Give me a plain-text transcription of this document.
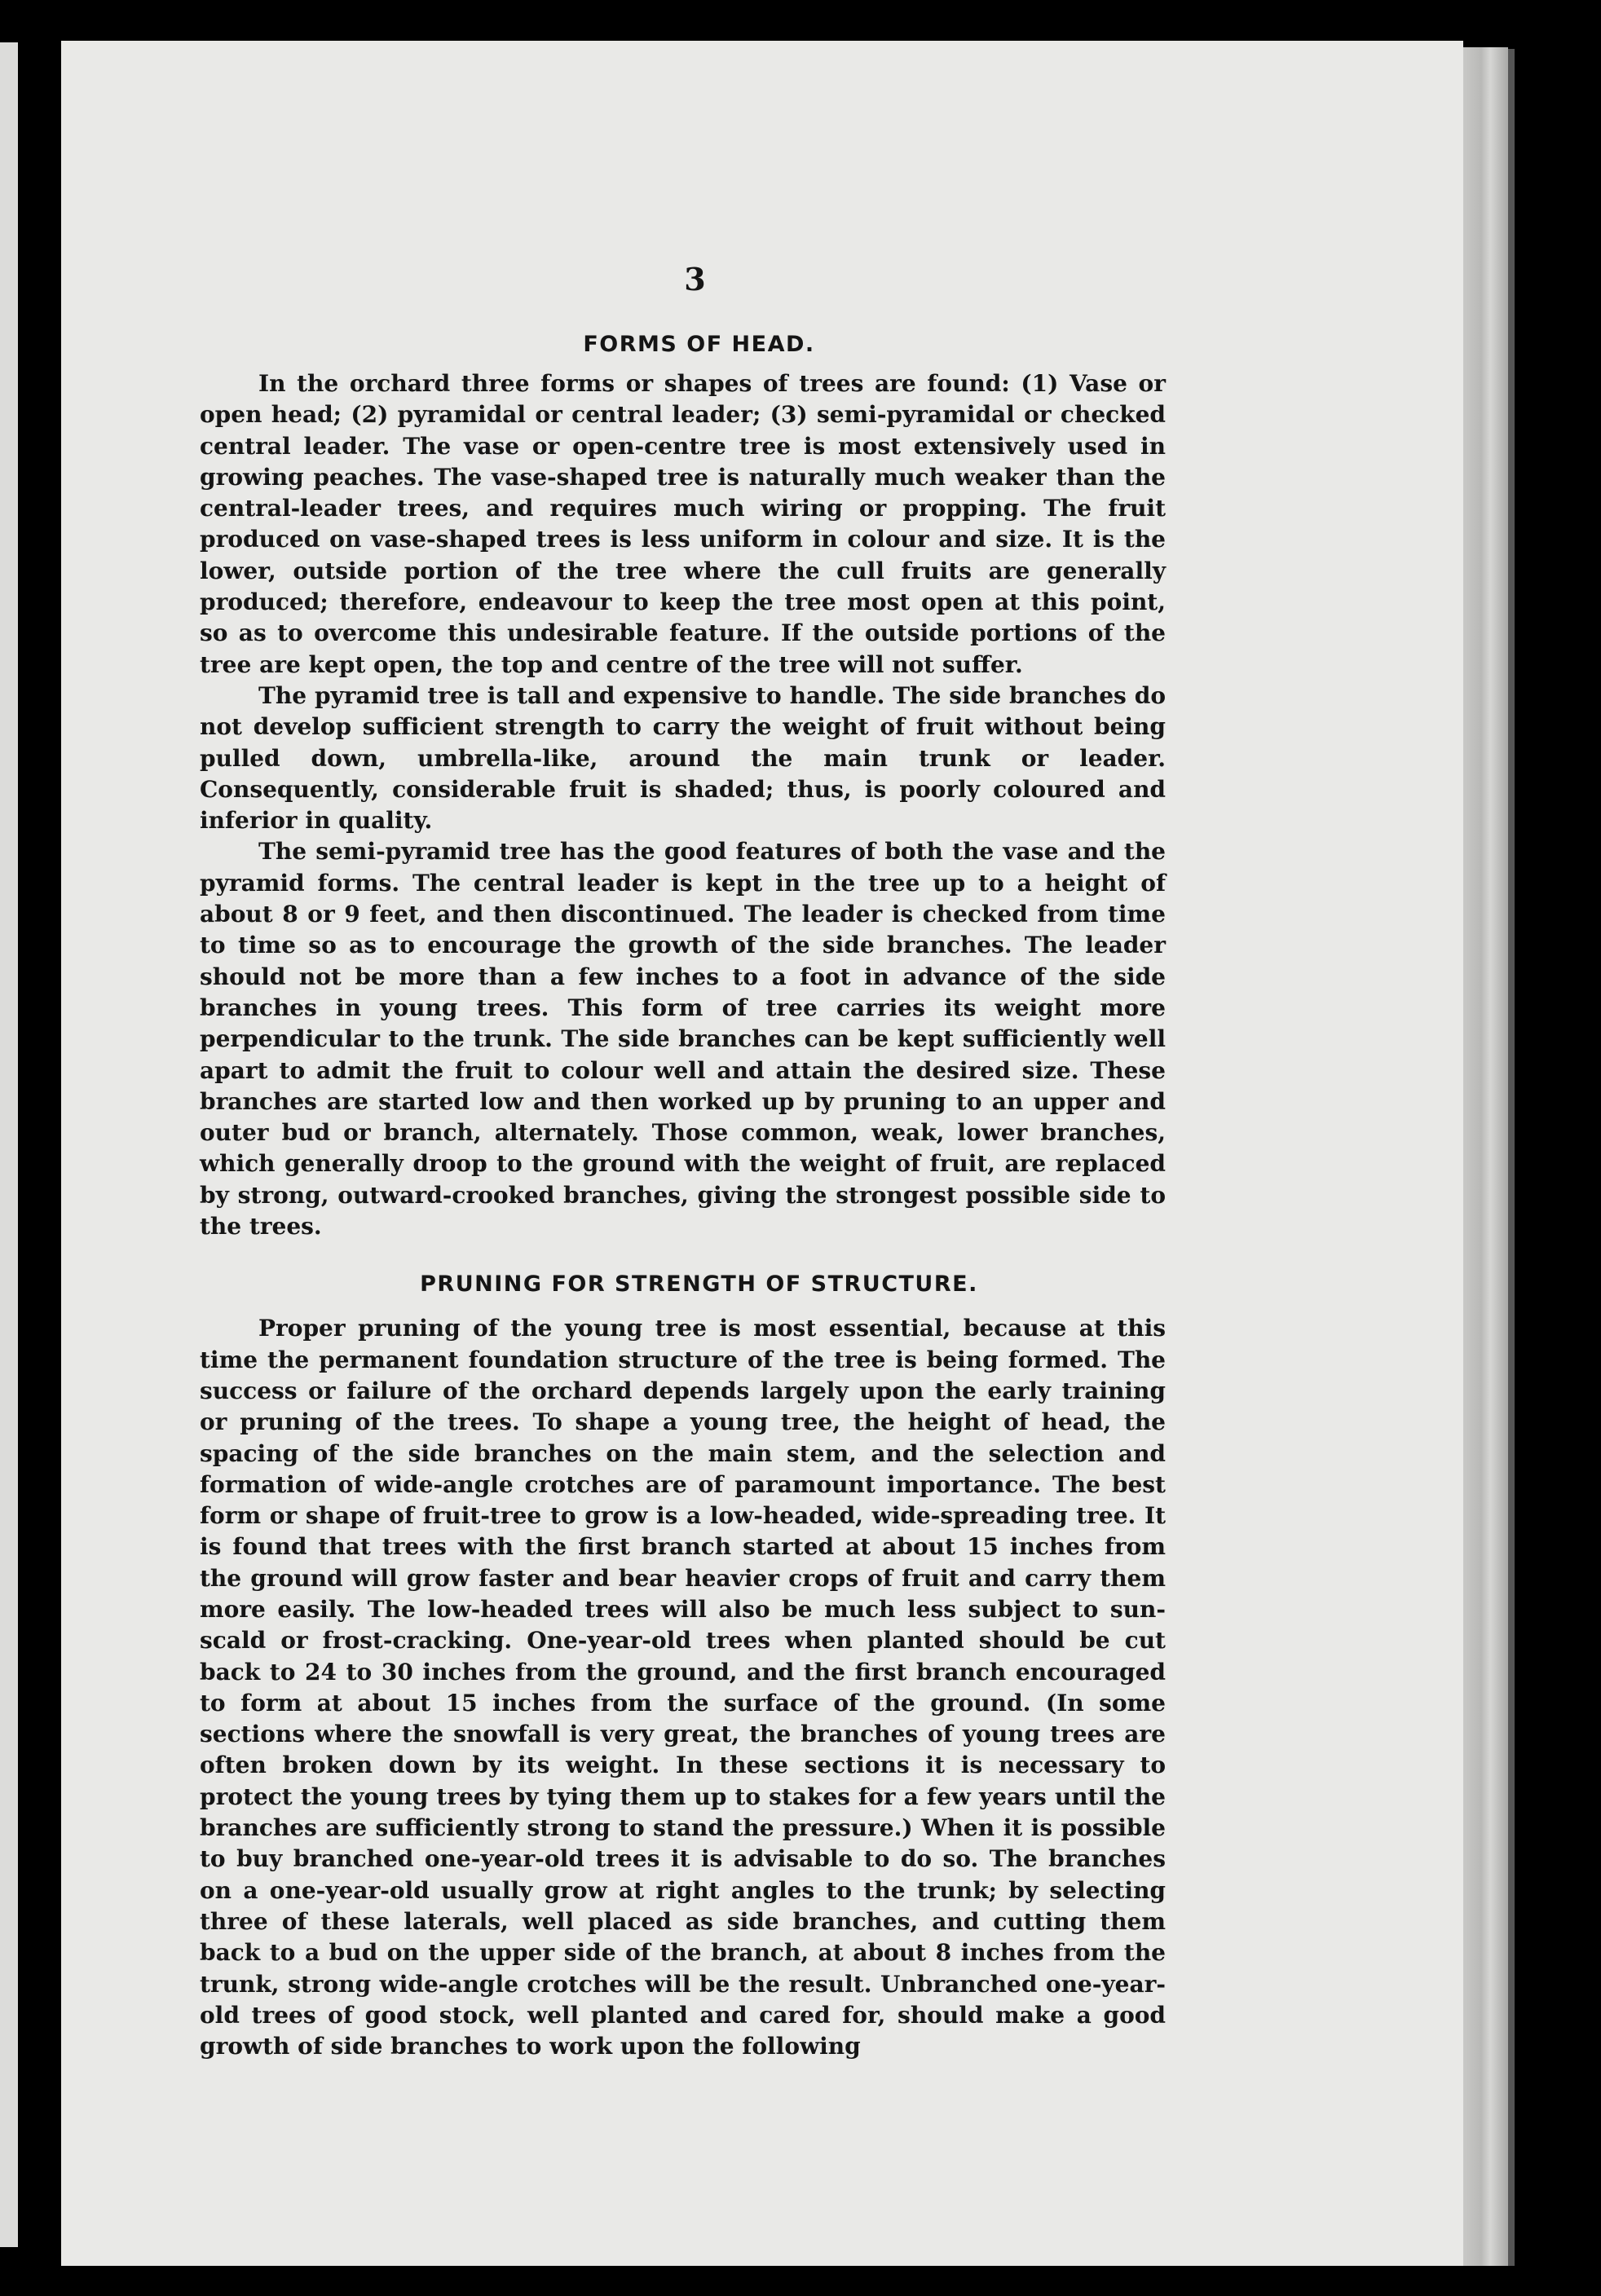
3
FORMS OF HEAD.

In the orchard three forms or shapes of trees are found: (1) Vase or open head; (2) pyramidal or central leader; (3) semi-pyramidal or checked central leader. The vase or open-centre tree is most extensively used in growing peaches. The vase-shaped tree is naturally much weaker than the central-leader trees, and requires much wiring or propping. The fruit produced on vase-shaped trees is less uniform in colour and size. It is the lower, outside portion of the tree where the cull fruits are generally produced; therefore, endeavour to keep the tree most open at this point, so as to overcome this undesirable feature. If the outside portions of the tree are kept open, the top and centre of the tree will not suffer.

The pyramid tree is tall and expensive to handle. The side branches do not develop sufficient strength to carry the weight of fruit without being pulled down, umbrella-like, around the main trunk or leader. Consequently, considerable fruit is shaded; thus, is poorly coloured and inferior in quality.

The semi-pyramid tree has the good features of both the vase and the pyramid forms. The central leader is kept in the tree up to a height of about 8 or 9 feet, and then discontinued. The leader is checked from time to time so as to encourage the growth of the side branches. The leader should not be more than a few inches to a foot in advance of the side branches in young trees. This form of tree carries its weight more perpendicular to the trunk. The side branches can be kept sufficiently well apart to admit the fruit to colour well and attain the desired size. These branches are started low and then worked up by pruning to an upper and outer bud or branch, alternately. Those common, weak, lower branches, which generally droop to the ground with the weight of fruit, are replaced by strong, outward-crooked branches, giving the strongest possible side to the trees.

PRUNING FOR STRENGTH OF STRUCTURE.

Proper pruning of the young tree is most essential, because at this time the permanent foundation structure of the tree is being formed. The success or failure of the orchard depends largely upon the early training or pruning of the trees. To shape a young tree, the height of head, the spacing of the side branches on the main stem, and the selection and formation of wide-angle crotches are of paramount importance. The best form or shape of fruit-tree to grow is a low-headed, wide-spreading tree. It is found that trees with the first branch started at about 15 inches from the ground will grow faster and bear heavier crops of fruit and carry them more easily. The low-headed trees will also be much less subject to sun-scald or frost-cracking. One-year-old trees when planted should be cut back to 24 to 30 inches from the ground, and the first branch encouraged to form at about 15 inches from the surface of the ground. (In some sections where the snowfall is very great, the branches of young trees are often broken down by its weight. In these sections it is necessary to protect the young trees by tying them up to stakes for a few years until the branches are sufficiently strong to stand the pressure.) When it is possible to buy branched one-year-old trees it is advisable to do so. The branches on a one-year-old usually grow at right angles to the trunk; by selecting three of these laterals, well placed as side branches, and cutting them back to a bud on the upper side of the branch, at about 8 inches from the trunk, strong wide-angle crotches will be the result. Unbranched one-year-old trees of good stock, well planted and cared for, should make a good growth of side branches to work upon the following
